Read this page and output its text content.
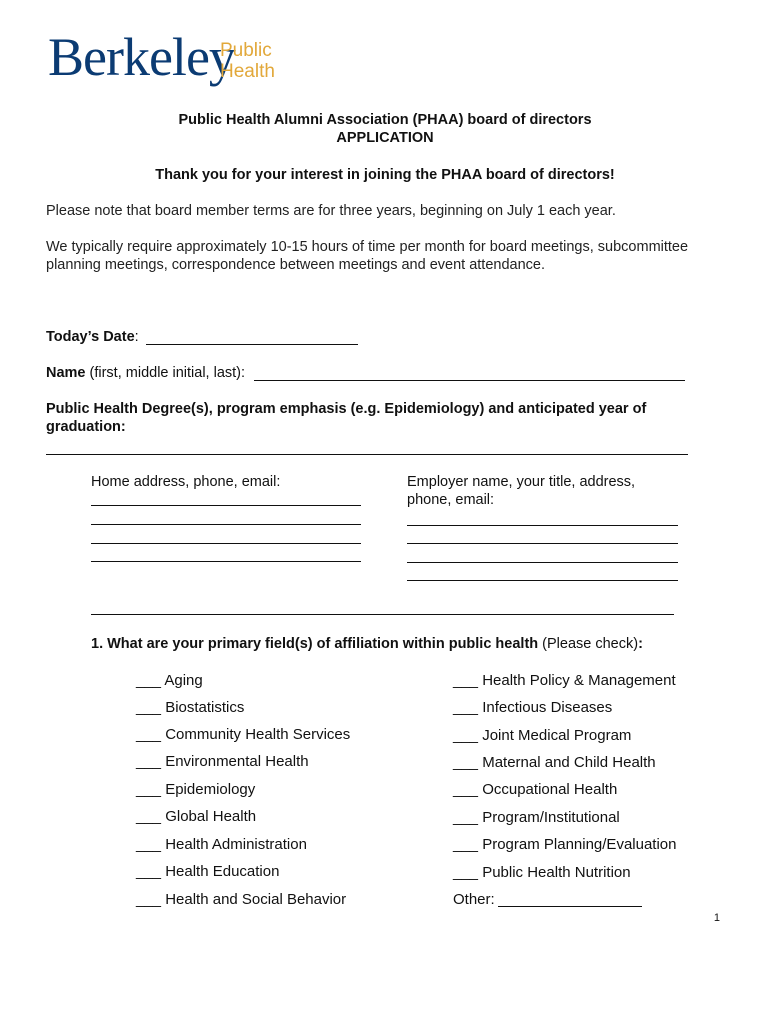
Berkeley
Public
Health
Public Health Alumni Association (PHAA) board of directors
APPLICATION
Thank you for your interest in joining the PHAA board of directors!
Please note that board member terms are for three years, beginning on July 1 each year.
We typically require approximately 10-15 hours of time per month for board meetings, subcommittee
planning meetings, correspondence between meetings and event attendance.
Today’s Date:
Name (first, middle initial, last):
Public Health Degree(s), program emphasis (e.g. Epidemiology) and anticipated year of
graduation:
Home address, phone, email:	Employer name, your title, address,
phone, email:
1. What are your primary field(s) of affiliation within public health (Please check):
___ Aging
___ Biostatistics
___ Community Health Services
___ Environmental Health
___ Epidemiology
___ Global Health
___ Health Administration
___ Health Education
___ Health and Social Behavior
___ Health Policy & Management
___ Infectious Diseases
___ Joint Medical Program
___ Maternal and Child Health
___ Occupational Health
___ Program/Institutional
___ Program Planning/Evaluation
___ Public Health Nutrition
Other:
1
